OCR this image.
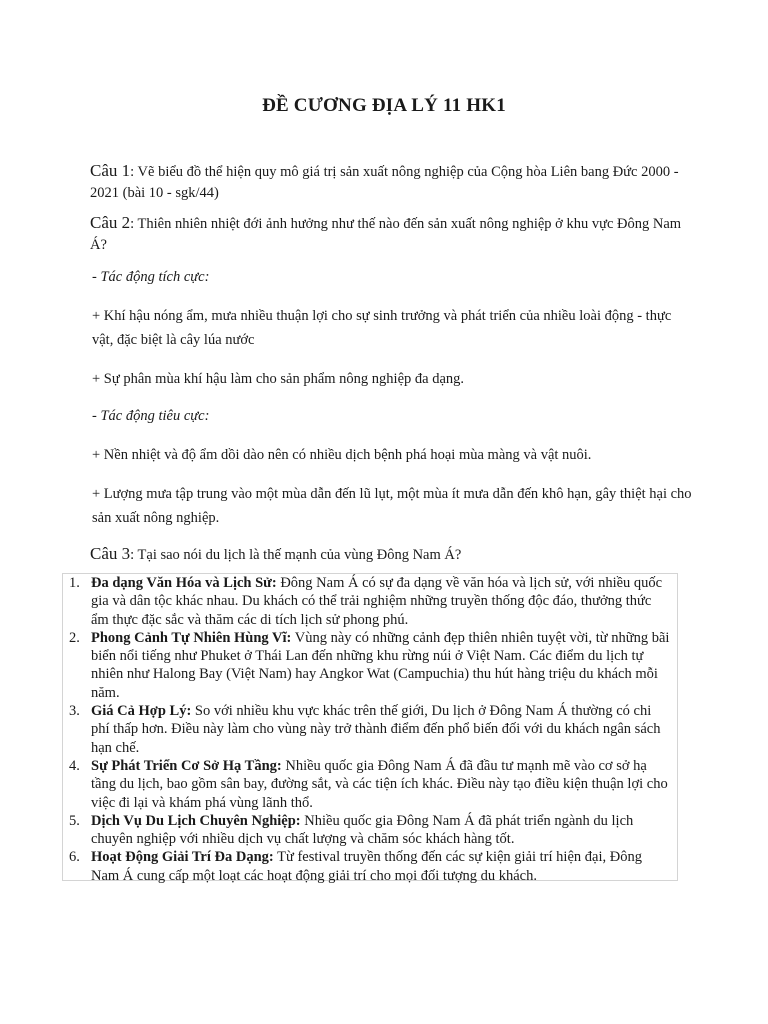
ĐỀ CƯƠNG ĐỊA LÝ 11 HK1
Câu 1: Vẽ biểu đồ thể hiện quy mô giá trị sản xuất nông nghiệp của Cộng hòa Liên bang Đức 2000 - 2021 (bài 10 - sgk/44)
Câu 2: Thiên nhiên nhiệt đới ảnh hưởng như thế nào đến sản xuất nông nghiệp ở khu vực Đông Nam Á?
- Tác động tích cực:
+ Khí hậu nóng ẩm, mưa nhiều thuận lợi cho sự sinh trưởng và phát triển của nhiều loài động - thực vật, đặc biệt là cây lúa nước
+ Sự phân mùa khí hậu làm cho sản phẩm nông nghiệp đa dạng.
- Tác động tiêu cực:
+ Nền nhiệt và độ ẩm dồi dào nên có nhiều dịch bệnh phá hoại mùa màng và vật nuôi.
+ Lượng mưa tập trung vào một mùa dẫn đến lũ lụt, một mùa ít mưa dẫn đến khô hạn, gây thiệt hại cho sản xuất nông nghiệp.
Câu 3: Tại sao nói du lịch là thế mạnh của vùng Đông Nam Á?
1. Đa dạng Văn Hóa và Lịch Sử: Đông Nam Á có sự đa dạng về văn hóa và lịch sử, với nhiều quốc gia và dân tộc khác nhau. Du khách có thể trải nghiệm những truyền thống độc đáo, thưởng thức ẩm thực đặc sắc và thăm các di tích lịch sử phong phú.
2. Phong Cảnh Tự Nhiên Hùng Vĩ: Vùng này có những cảnh đẹp thiên nhiên tuyệt vời, từ những bãi biển nổi tiếng như Phuket ở Thái Lan đến những khu rừng núi ở Việt Nam. Các điểm du lịch tự nhiên như Halong Bay (Việt Nam) hay Angkor Wat (Campuchia) thu hút hàng triệu du khách mỗi năm.
3. Giá Cả Hợp Lý: So với nhiều khu vực khác trên thế giới, Du lịch ở Đông Nam Á thường có chi phí thấp hơn. Điều này làm cho vùng này trở thành điểm đến phổ biến đối với du khách ngân sách hạn chế.
4. Sự Phát Triển Cơ Sở Hạ Tầng: Nhiều quốc gia Đông Nam Á đã đầu tư mạnh mẽ vào cơ sở hạ tầng du lịch, bao gồm sân bay, đường sắt, và các tiện ích khác. Điều này tạo điều kiện thuận lợi cho việc đi lại và khám phá vùng lãnh thổ.
5. Dịch Vụ Du Lịch Chuyên Nghiệp: Nhiều quốc gia Đông Nam Á đã phát triển ngành du lịch chuyên nghiệp với nhiều dịch vụ chất lượng và chăm sóc khách hàng tốt.
6. Hoạt Động Giải Trí Đa Dạng: Từ festival truyền thống đến các sự kiện giải trí hiện đại, Đông Nam Á cung cấp một loạt các hoạt động giải trí cho mọi đối tượng du khách.
